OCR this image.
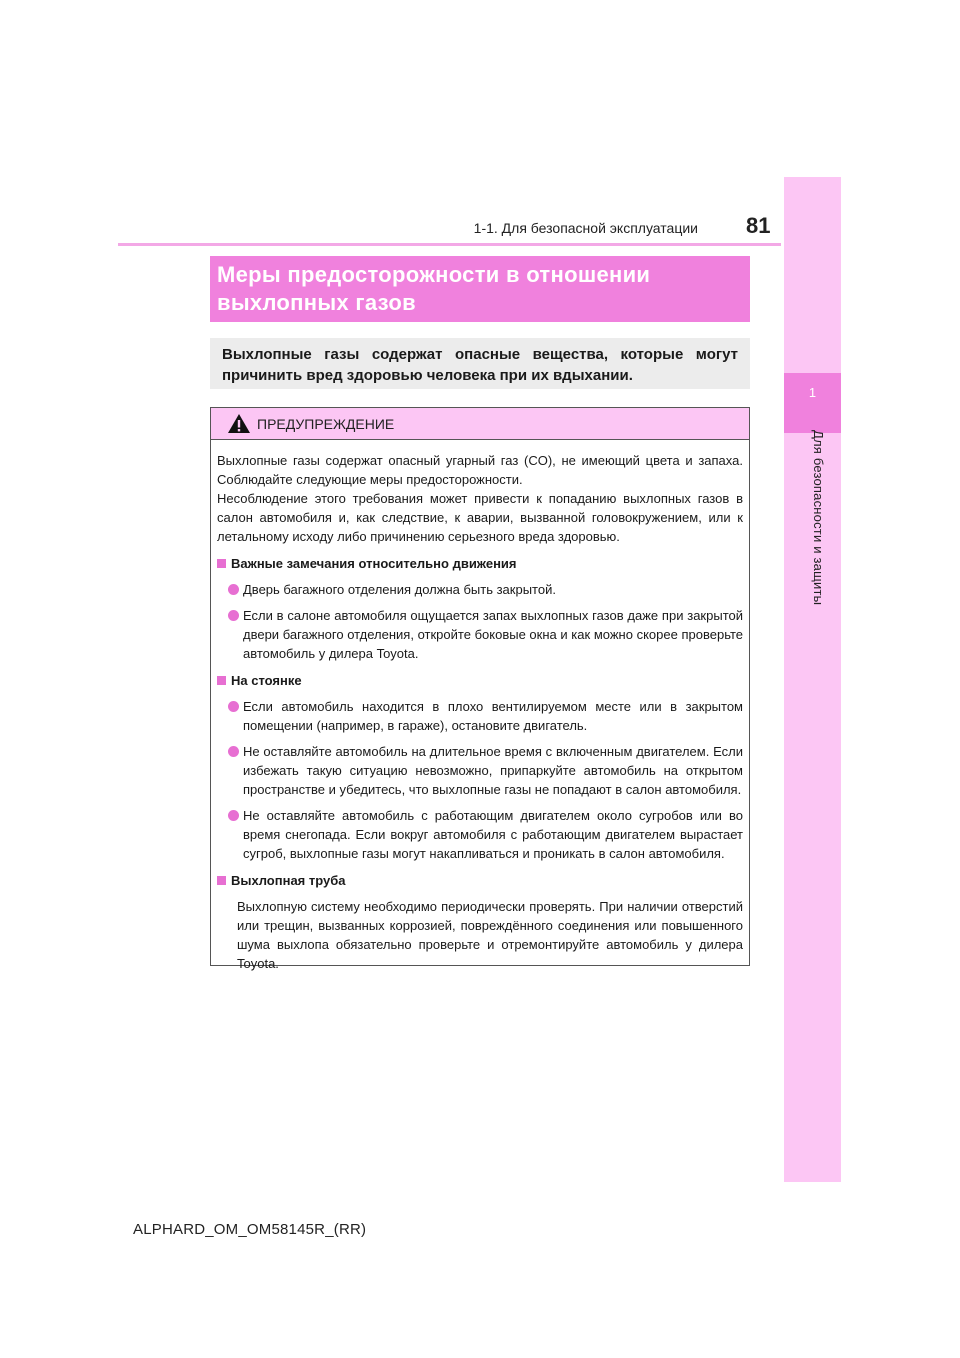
1-1. Для безопасной эксплуатации 81
1
Для безопасности и защиты
Меры предосторожности в отношении выхлопных газов
Выхлопные газы содержат опасные вещества, которые могут причинить вред здоровью человека при их вдыхании.
ПРЕДУПРЕЖДЕНИЕ

Выхлопные газы содержат опасный угарный газ (CO), не имеющий цвета и запаха. Соблюдайте следующие меры предосторожности.

Несоблюдение этого требования может привести к попаданию выхлопных газов в салон автомобиля и, как следствие, к аварии, вызванной головокружением, или к летальному исходу либо причинению серьезного вреда здоровью.

Важные замечания относительно движения
Дверь багажного отделения должна быть закрытой.
Если в салоне автомобиля ощущается запах выхлопных газов даже при закрытой двери багажного отделения, откройте боковые окна и как можно скорее проверьте автомобиль у дилера Toyota.
На стоянке
Если автомобиль находится в плохо вентилируемом месте или в закрытом помещении (например, в гараже), остановите двигатель.
Не оставляйте автомобиль на длительное время с включенным двигателем. Если избежать такую ситуацию невозможно, припаркуйте автомобиль на открытом пространстве и убедитесь, что выхлопные газы не попадают в салон автомобиля.
Не оставляйте автомобиль с работающим двигателем около сугробов или во время снегопада. Если вокруг автомобиля с работающим двигателем вырастает сугроб, выхлопные газы могут накапливаться и проникать в салон автомобиля.
Выхлопная труба
Выхлопную систему необходимо периодически проверять. При наличии отверстий или трещин, вызванных коррозией, повреждённого соединения или повышенного шума выхлопа обязательно проверьте и отремонтируйте автомобиль у дилера Toyota.
ALPHARD_OM_OM58145R_(RR)
